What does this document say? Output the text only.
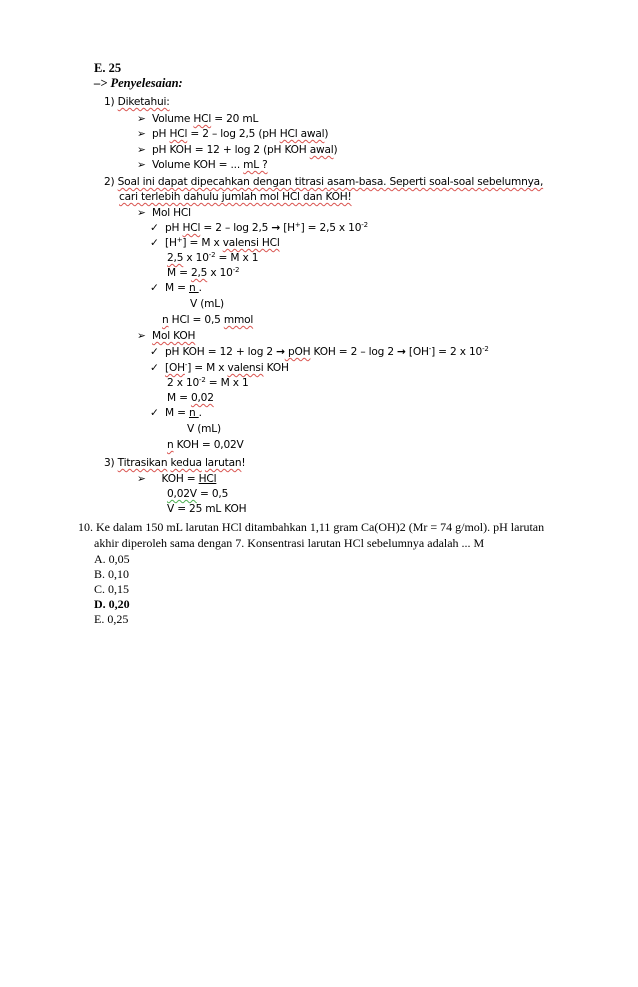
E. 25
–> Penyelesaian:
1) Diketahui:
➢ Volume HCl = 20 mL
➢ pH HCl = 2 – log 2,5 (pH HCl awal)
➢ pH KOH = 12 + log 2 (pH KOH awal)
➢ Volume KOH = ... mL ?
2) Soal ini dapat dipecahkan dengan titrasi asam-basa. Seperti soal-soal sebelumnya,
cari terlebih dahulu jumlah mol HCl dan KOH!
➢ Mol HCl
✓ pH HCl = 2 – log 2,5 → [H+] = 2,5 x $10^{-2}$
✓ [H+] = M x valensi HCl
2,5 x $10^{-2} = M$ x 1
M = 2,5 x $10^{-2}$
✓ M = n .
V (mL)
n HCl = 0,5 mmol
➢ Mol KOH
✓ pH KOH = 12 + log 2 → pOH KOH = 2 – log 2 → [OH-] = 2 x $10^{-2}$
✓ [OH-] = M x valensi KOH
2 x $10^{-2} = M$ x 1
M = 0,02
✓ M = n .
V (mL)
n KOH = 0,02V
3) Titrasikan kedua larutan!
➢ KOH = HCl
0,02V = 0,5
V = 25 mL KOH
10. Ke dalam 150 mL larutan HCl ditambahkan 1,11 gram Ca(OH)2 (Mr = 74 g/mol). pH larutan
akhir diperoleh sama dengan 7. Konsentrasi larutan HCl sebelumnya adalah ... M
A. 0,05
B. 0,10
C. 0,15
D. 0,20
E. 0,25
